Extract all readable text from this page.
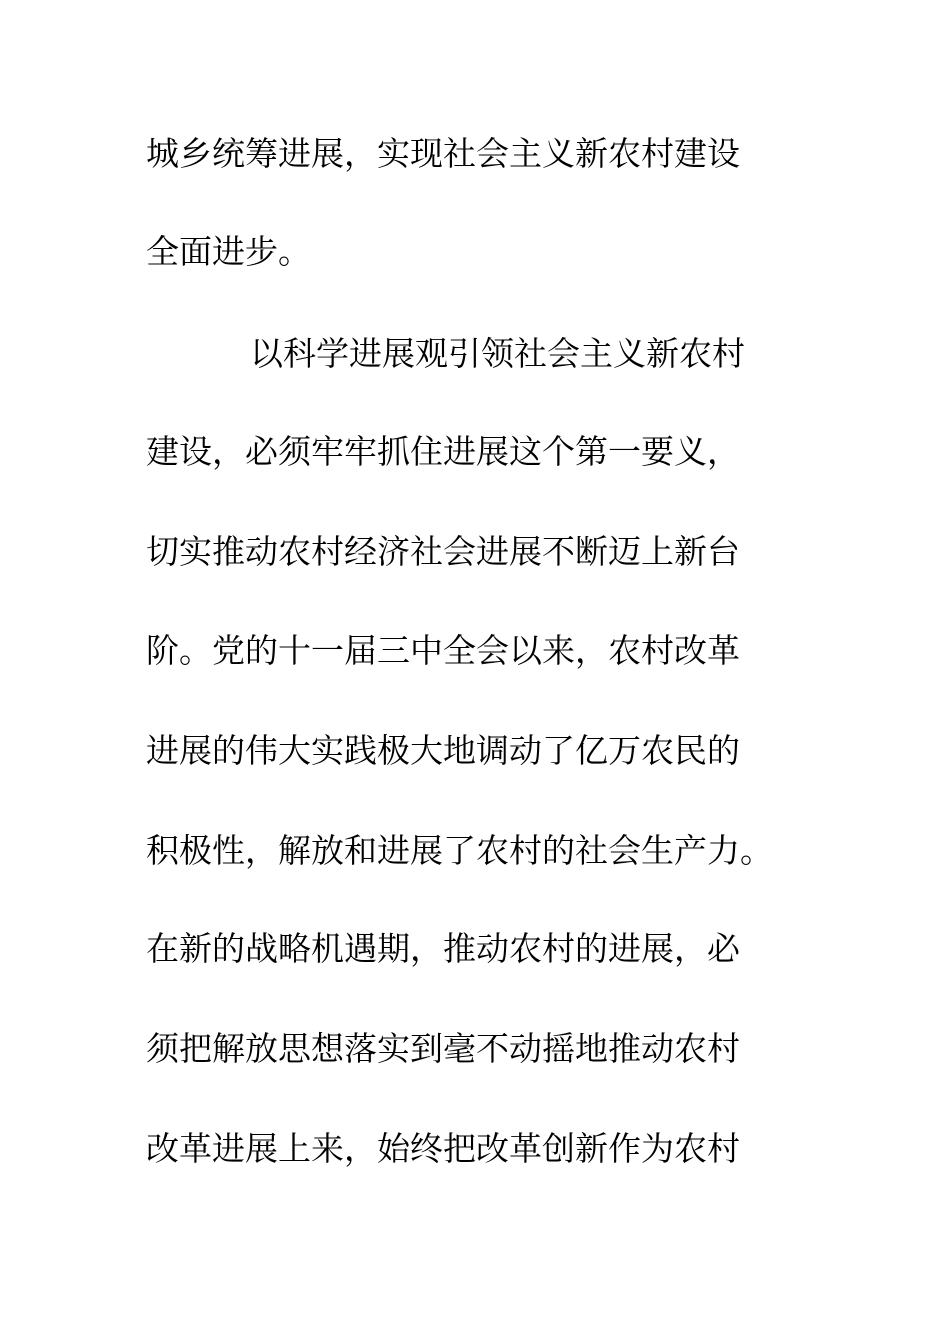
城乡统筹进展，实现社会主义新农村建设
全面进步。
以科学进展观引领社会主义新农村
建设，必须牢牢抓住进展这个第一要义，
切实推动农村经济社会进展不断迈上新台
阶。党的十一届三中全会以来，农村改革
进展的伟大实践极大地调动了亿万农民的
积极性，解放和进展了农村的社会生产力。
在新的战略机遇期，推动农村的进展，必
须把解放思想落实到毫不动摇地推动农村
改革进展上来，始终把改革创新作为农村
